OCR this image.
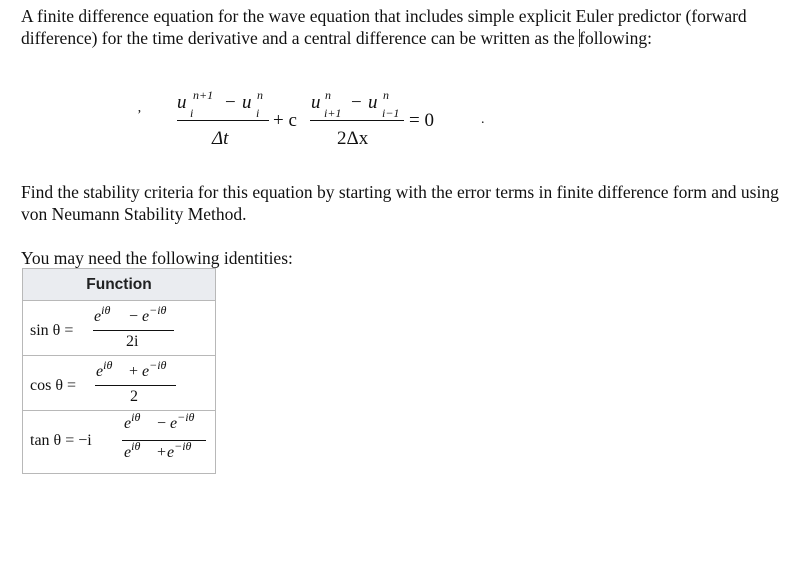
A finite difference equation for the wave equation that includes simple explicit Euler predictor (forward difference) for the time derivative and a central difference can be written as the following:

ʼ
u n+1
i − u n
i
Δt
+ c
u n
i+1 − u n
i−1
2Δx
= 0	.

Find the stability criteria for this equation by starting with the error terms in finite difference form and using von Neumann Stability Method.

You may need the following identities:

Function
sin θ =
$e^{i\theta} - e^{-i\theta}$
2i
cos θ =
$e^{i\theta} + e^{-i\theta}$
2
tan θ = −i
$e^{i\theta} - e^{-i\theta}$
$e^{i\theta} + e^{-i\theta}$
